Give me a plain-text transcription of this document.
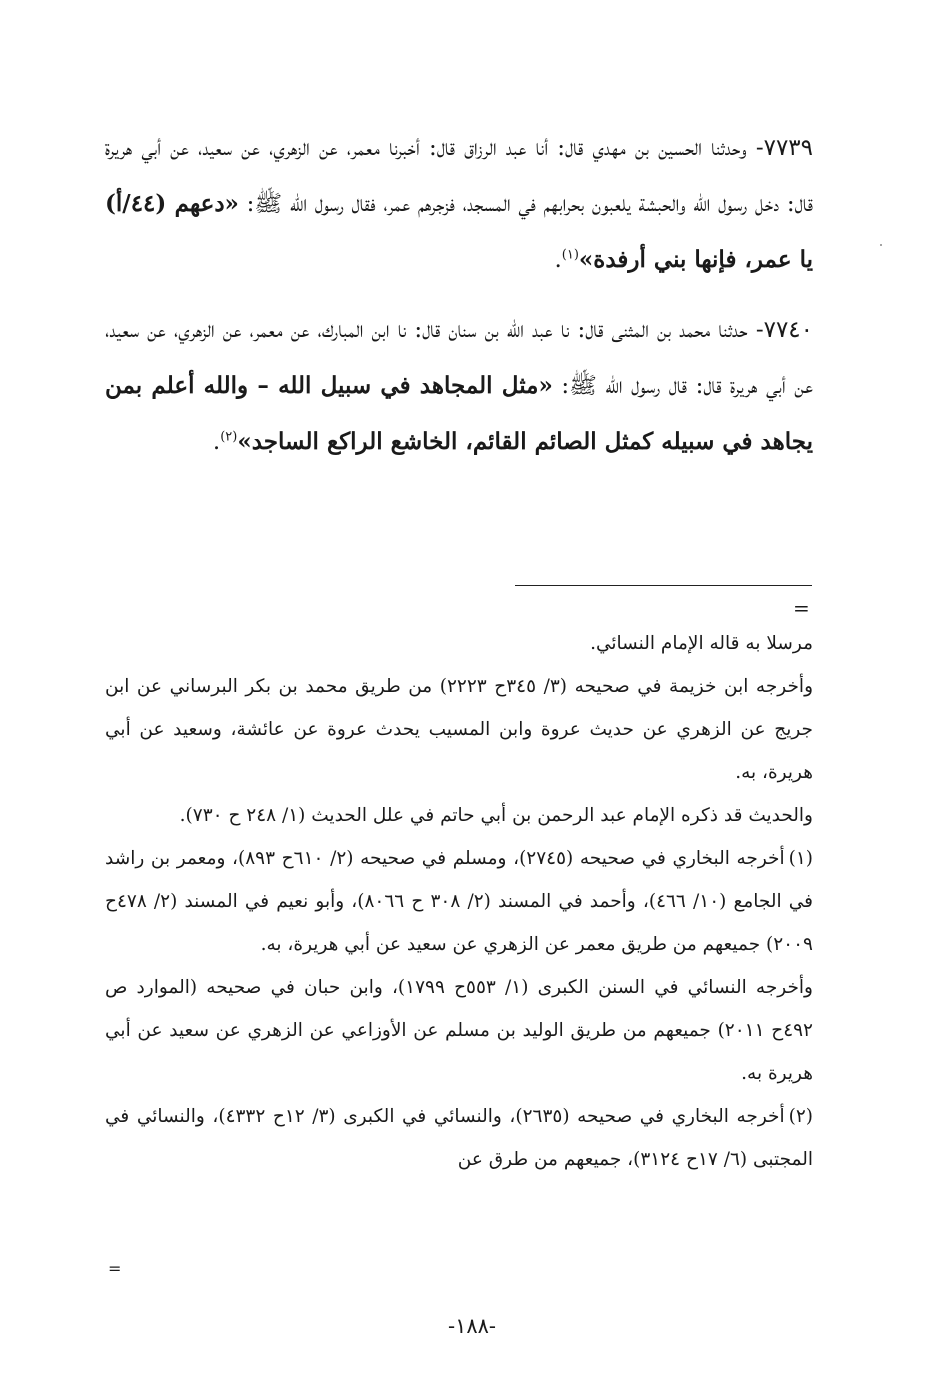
٧٧٣٩- وحدثنا الحسين بن مهدي قال: أنا عبد الرزاق قال: أخبرنا معمر، عن الزهري، عن سعيد، عن أبي هريرة قال: دخل رسول الله والحبشة يلعبون بحرابهم في المسجد، فزجرهم عمر، فقال رسول الله ﷺ: «دعهم (٤٤/أ) يا عمر، فإنها بني أرفدة»$^{(١)}$.

٧٧٤٠- حدثنا محمد بن المثنى قال: نا عبد الله بن سنان قال: نا ابن المبارك، عن معمر، عن الزهري، عن سعيد، عن أبي هريرة قال: قال رسول الله ﷺ: «مثل المجاهد في سبيل الله – والله أعلم بمن يجاهد في سبيله كمثل الصائم القائم، الخاشع الراكع الساجد»$^{(٢)}$.

=

مرسلا به قاله الإمام النسائي.

وأخرجه ابن خزيمة في صحيحه (٣/ ٣٤٥ح ٢٢٢٣) من طريق محمد بن بكر البرساني عن ابن جريج عن الزهري عن حديث عروة وابن المسيب يحدث عروة عن عائشة، وسعيد عن أبي هريرة، به.

والحديث قد ذكره الإمام عبد الرحمن بن أبي حاتم في علل الحديث (١/ ٢٤٨ ح ٧٣٠).

(١)أخرجه البخاري في صحيحه (٢٧٤٥)، ومسلم في صحيحه (٢/ ٦١٠ح ٨٩٣)، ومعمر بن راشد في الجامع (١٠/ ٤٦٦)، وأحمد في المسند (٢/ ٣٠٨ ح ٨٠٦٦)، وأبو نعيم في المسند (٢/ ٤٧٨ح ٢٠٠٩) جميعهم من طريق معمر عن الزهري عن سعيد عن أبي هريرة، به.

وأخرجه النسائي في السنن الكبرى (١/ ٥٥٣ح ١٧٩٩)، وابن حبان في صحيحه (الموارد ص ٤٩٢ح ٢٠١١) جميعهم من طريق الوليد بن مسلم عن الأوزاعي عن الزهري عن سعيد عن أبي هريرة به.

(٢)أخرجه البخاري في صحيحه (٢٦٣٥)، والنسائي في الكبرى (٣/ ١٢ح ٤٣٣٢)، والنسائي في المجتبى (٦/ ١٧ح ٣١٢٤)، جميعهم من طرق عن

=
-١٨٨-
